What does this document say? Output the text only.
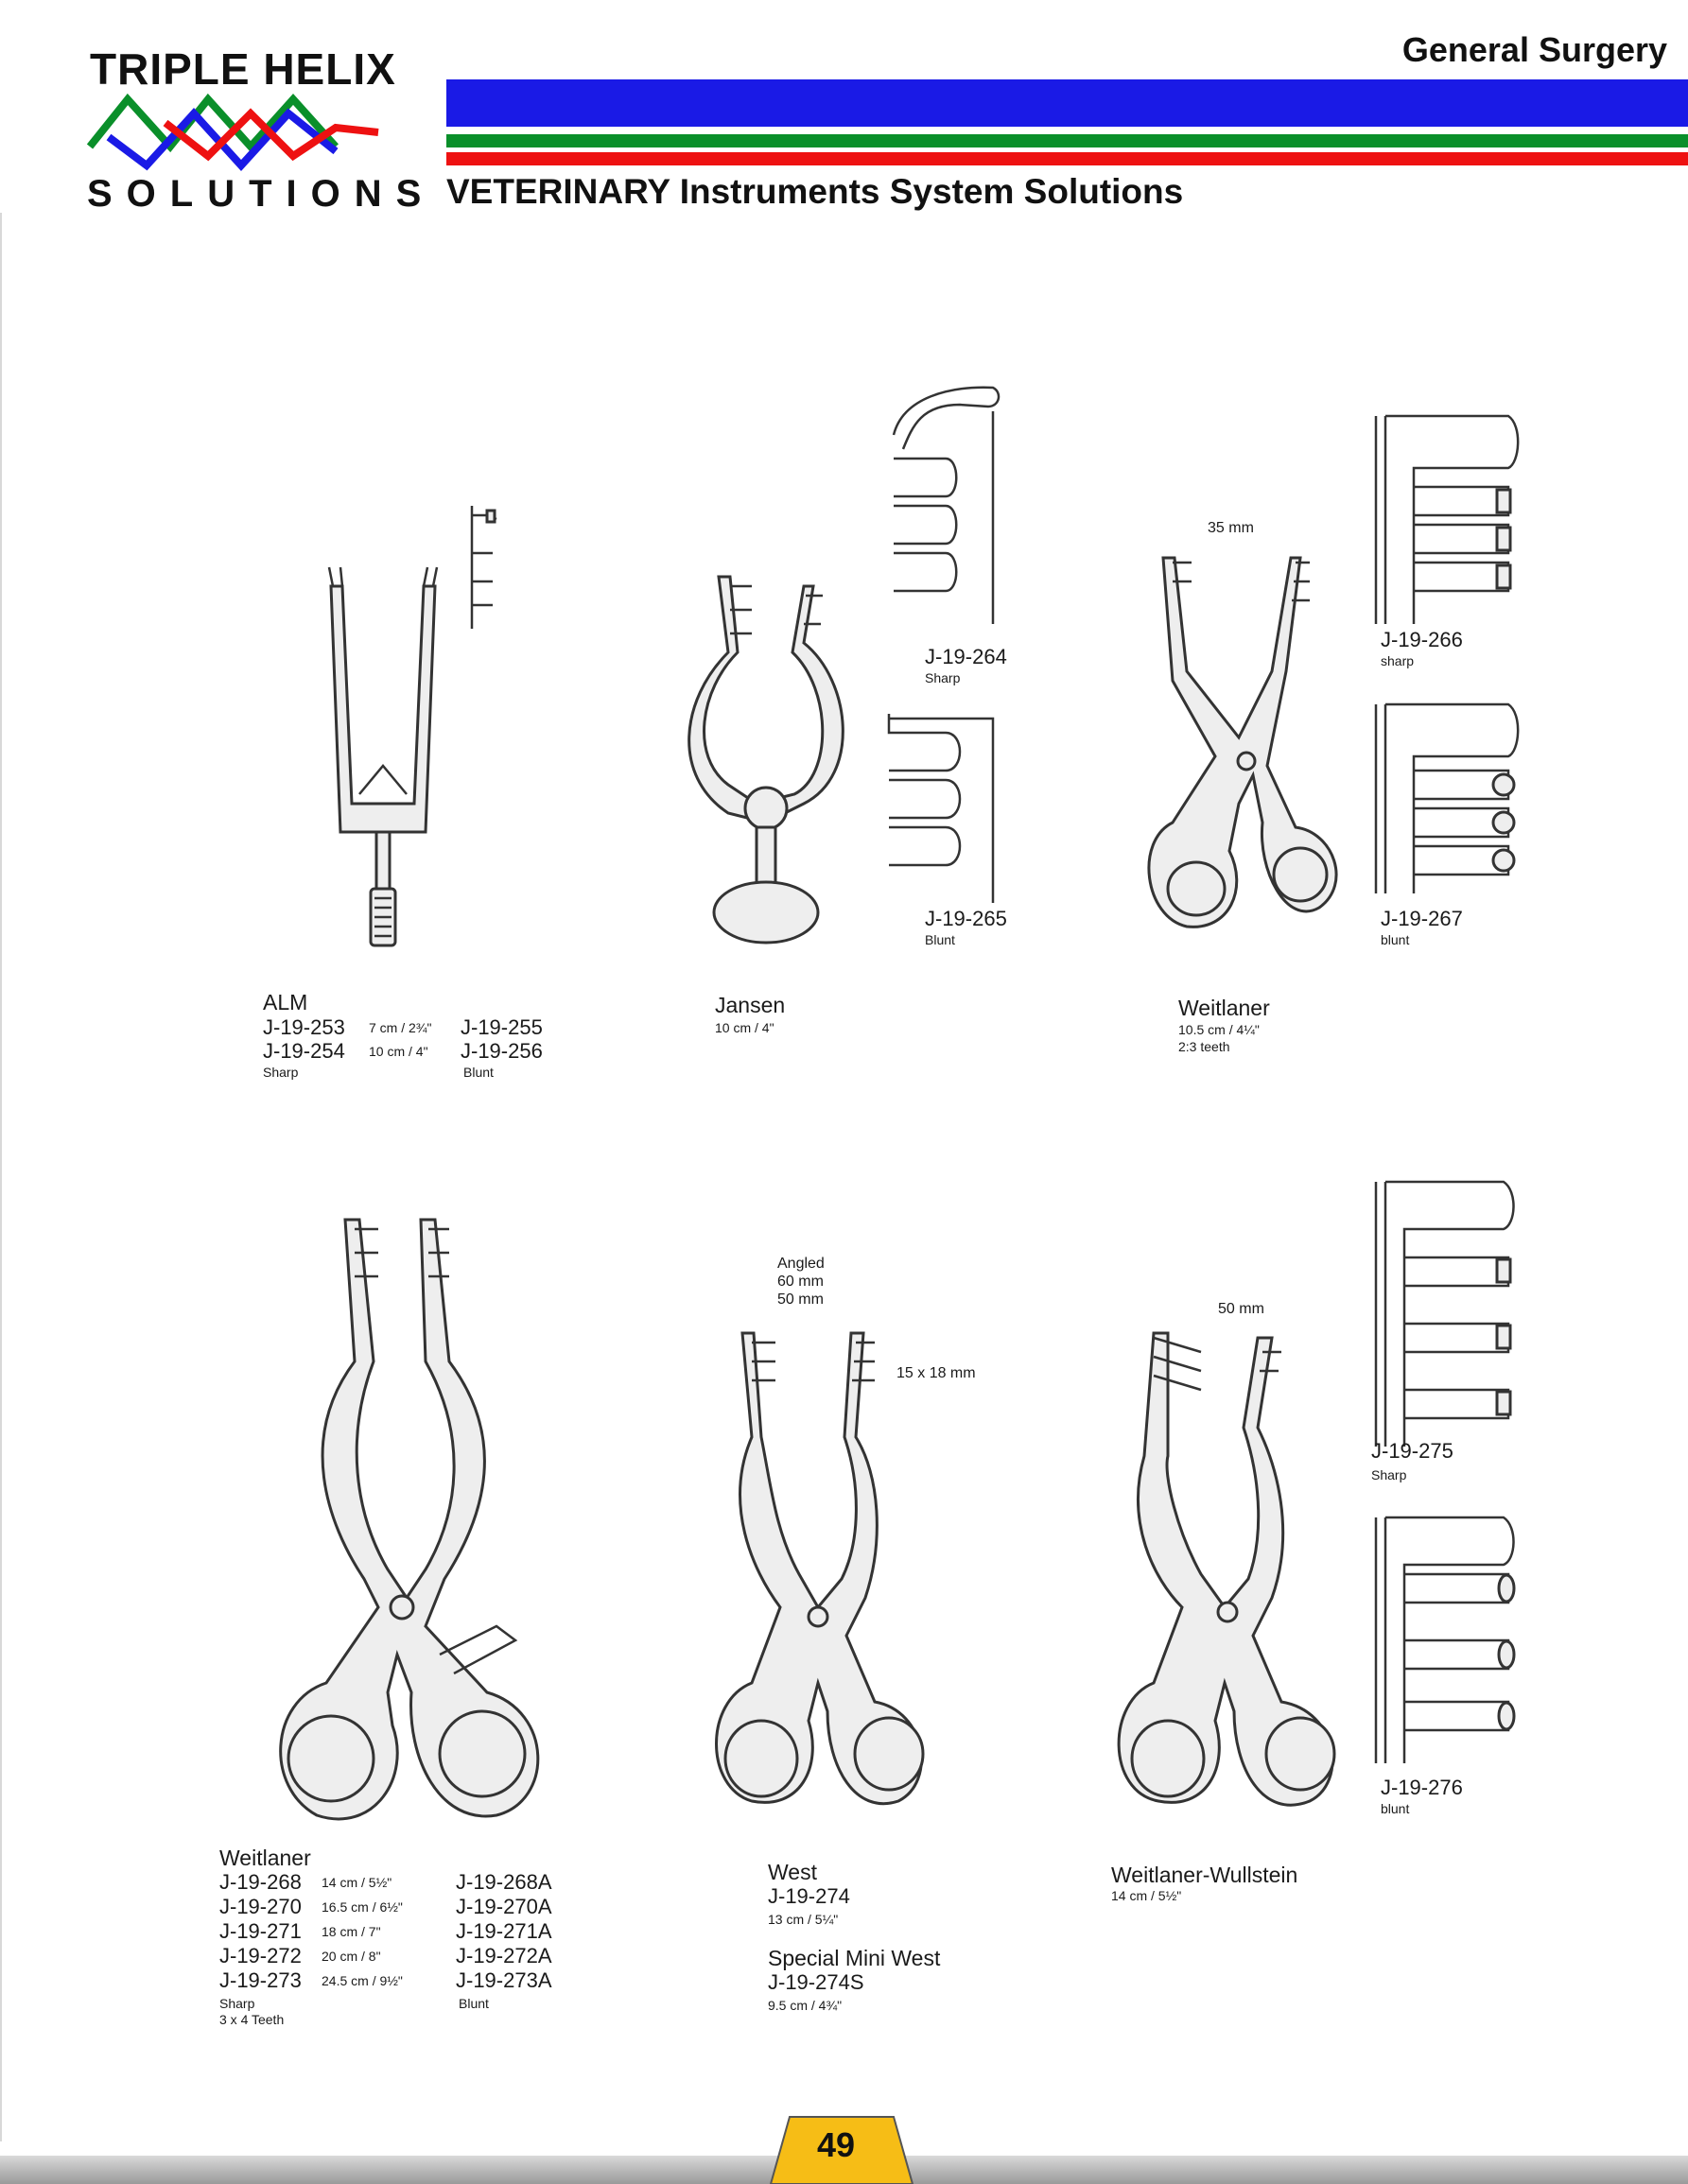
TRIPLE HELIX
SOLUTIONS
General Surgery
VETERINARY Instruments System Solutions
ALM
J-19-253 7 cm / 2¾" J-19-255
J-19-254 10 cm / 4" J-19-256
Sharp	Blunt
Jansen
10 cm / 4"
J-19-264
Sharp
J-19-265
Blunt
35 mm
Weitlaner
10.5 cm / 4¼"
2:3 teeth
J-19-266
sharp
J-19-267
blunt
Weitlaner
J-19-268 14 cm / 5½"	J-19-268A
J-19-270 16.5 cm / 6½"	J-19-270A
J-19-271 18 cm / 7"	J-19-271A
J-19-272 20 cm / 8"	J-19-272A
J-19-273 24.5 cm / 9½"	J-19-273A
Sharp
3 x 4 Teeth
Blunt
Angled
60 mm
50 mm
15 x 18 mm
West
J-19-274
13 cm / 5¼"
Special Mini West
J-19-274S
9.5 cm / 4¾"
50 mm
Weitlaner-Wullstein
14 cm / 5½"
J-19-275
Sharp
J-19-276
blunt
49
